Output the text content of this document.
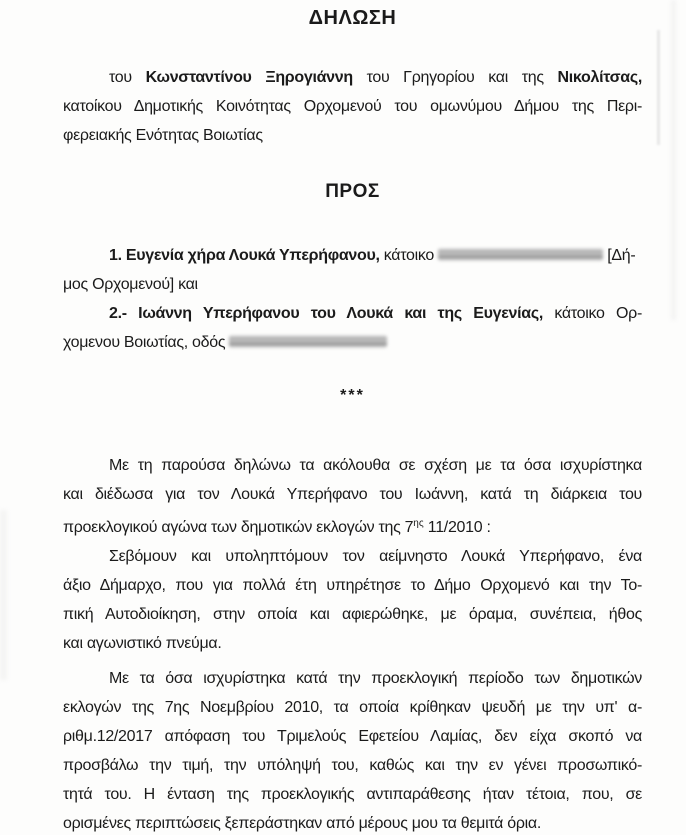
ΔΗΛΩΣΗ
του Κωνσταντίνου Ξηρογιάννη του Γρηγορίου και της Νικολίτσας,
κατοίκου Δημοτικής Κοινότητας Ορχομενού του ομωνύμου Δήμου της Περι-
φερειακής Ενότητας Βοιωτίας
ΠΡΟΣ
1. Ευγενία χήρα Λουκά Υπερήφανου, κάτοικο	[Δή-
μος Ορχομενού] και
2.- Ιωάννη Υπερήφανου του Λουκά και της Ευγενίας, κάτοικο Ορ-
χομενου Βοιωτίας, οδός
***
Με τη παρούσα δηλώνω τα ακόλουθα σε σχέση με τα όσα ισχυρίστηκα
και διέδωσα για τον Λουκά Υπερήφανο του Ιωάννη, κατά τη διάρκεια του
προεκλογικού αγώνα των δημοτικών εκλογών της $7^{\eta\varsigma}$ 11/2010 :
Σεβόμουν και υποληπτόμουν τον αείμνηστο Λουκά Υπερήφανο, ένα
άξιο Δήμαρχο, που για πολλά έτη υπηρέτησε το Δήμο Ορχομενό και την Το-
πική Αυτοδιοίκηση, στην οποία και αφιερώθηκε, με όραμα, συνέπεια, ήθος
και αγωνιστικό πνεύμα.
Με τα όσα ισχυρίστηκα κατά την προεκλογική περίοδο των δημοτικών
εκλογών της 7ης Νοεμβρίου 2010, τα οποία κρίθηκαν ψευδή με την υπ' α-
ριθμ.12/2017 απόφαση του Τριμελούς Εφετείου Λαμίας, δεν είχα σκοπό να
προσβάλω την τιμή, την υπόληψή του, καθώς και την εν γένει προσωπικό-
τητά του. Η ένταση της προεκλογικής αντιπαράθεσης ήταν τέτοια, που, σε
ορισμένες περιπτώσεις ξεπεράστηκαν από μέρους μου τα θεμιτά όρια.
